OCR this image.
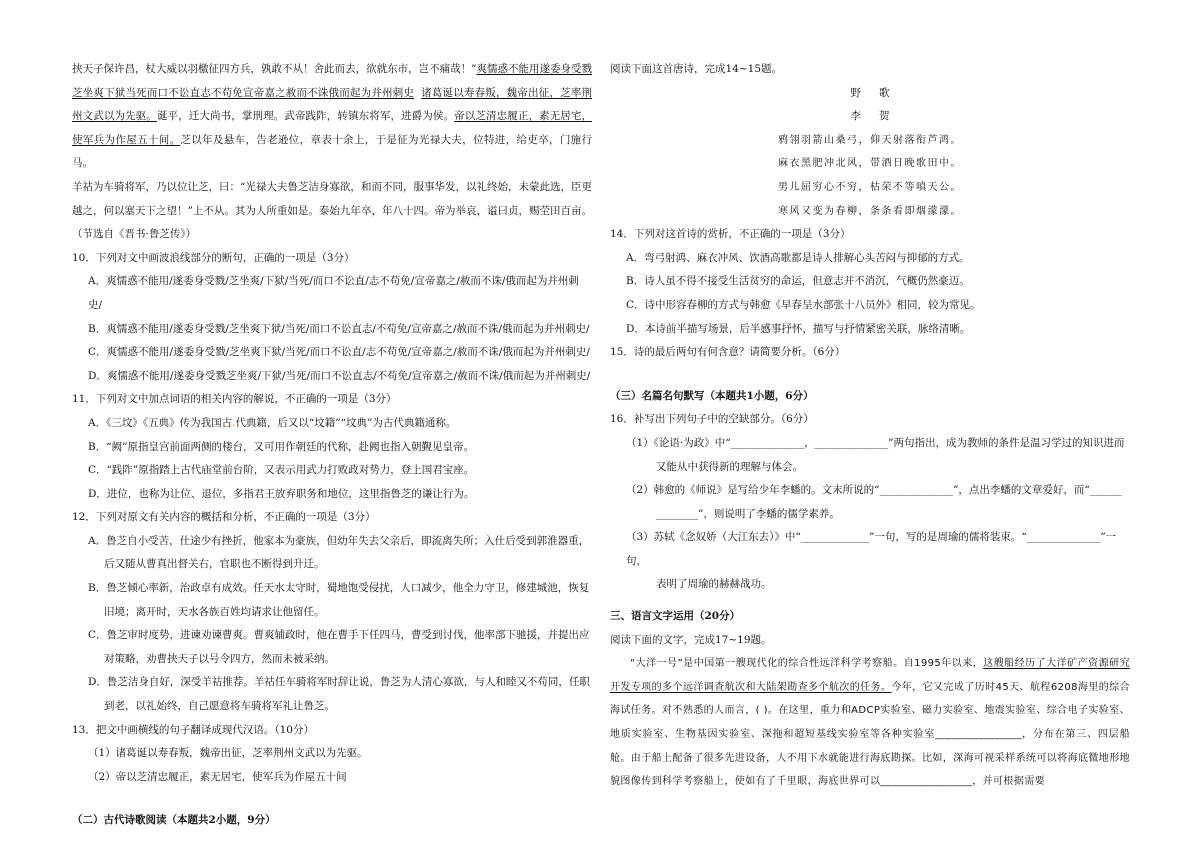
挟天子保许昌，杖大威以羽檄征四方兵，孰敢不从！舍此而去，欲就东市，岂不痛哉！”爽懦惑不能用遂委身受戮芝坐爽下狱当死而口不讼直志不苟免宣帝嘉之赦而不诛俄而起为并州刺史 诸葛诞以寿春叛，魏帝出征，芝率荆州文武以为先驱。诞平，迁大尚书，掌刑理。武帝践阼，转镇东将军，进爵为侯。帝以芝清忠履正，素无居宅，使军兵为作屋五十间。芝以年及悬车，告老逊位，章表十余上，于是征为光禄大夫，位特进，给吏卒，门施行马。

羊祜为车骑将军，乃以位让芝，曰：“光禄大夫鲁芝洁身寡欲，和而不同，服事华发，以礼终始，未蒙此选，臣更越之，何以塞天下之望！”上不从。其为人所重如是。泰始九年卒，年八十四。帝为举哀，谥曰贞，赐茔田百亩。（节选自《晋书·鲁芝传》）

10．下列对文中画波浪线部分的断句，正确的一项是（3分）

A．爽懦惑不能用/遂委身受戮/芝坐爽/下狱/当死/而口不讼直/志不苟免/宣帝嘉之/赦而不诛/俄而起为并州刺史/

B．爽懦惑不能用/遂委身受戮/芝坐爽下狱/当死/而口不讼直志/不苟免/宣帝嘉之/赦而不诛/俄而起为并州刺史/

C．爽懦惑不能用/遂委身受戮/芝坐爽下狱/当死/而口不讼直/志不苟免/宣帝嘉之/赦而不诛/俄而起为并州刺史/

D．爽懦惑不能用/遂委身受戮芝坐爽/下狱/当死/而口不讼直志/不苟免/宣帝嘉之/赦而不诛/俄而起为并州刺史/

11．下列对文中加点词语的相关内容的解说，不正确的一项是（3分）

A．《三坟》《五典》传为我国古.代典籍，后又以“坟籍”“坟典”为古代典籍通称。

B．“阙”原指皇宫前面两侧的楼台，又可用作朝廷的代称，赴阙也指入朝觐见皇帝。

C．“践阼”原指踏上古代庙堂前台阶，又表示用武力打败政对势力，登上国君宝座。

D．进位，也称为让位、退位，多指君王放弃职务和地位，这里指鲁芝的谦让行为。

12．下列对原文有关内容的概括和分析，不正确的一项是（3分）

A．鲁芝自小受苦，仕途少有挫折，他家本为豪族，但幼年失去父亲后，即流离失所；入仕后受到郭淮器重，

后又随从曹真出督关右，官职也不断得到升迁。

B．鲁芝倾心率新，治政卓有成效。任天水太守时，蜀地饱受侵扰，人口减少，他全力守卫，修建城池，恢复

旧境；离开时，天水各族百姓均请求让他留任。

C．鲁芝审时度势，进谏劝谏曹爽。曹爽辅政时，他在曹手下任四马，曹受到讨伐，他率部下驰援，并提出应

对策略，劝曹挟天子以号令四方，然而未被采纳。

D．鲁芝洁身自好，深受羊祜推荐。羊祜任车骑将军时辞让说，鲁芝为人清心寡欲，与人和睦又不苟同，任职

到老，以礼始终，自己愿意将车骑将军礼让鲁芝。

13．把文中画横线的句子翻译成现代汉语。（10分）

（1）诸葛诞以寿春叛，魏帝出征，芝率荆州文武以为先驱。

（2）帝以芝清忠履正，素无居宅，使军兵为作屋五十间

（二）古代诗歌阅读（本题共2小题，9分）

阅读下面这首唐诗，完成14~15题。

野歌

李贺

鸦翎羽箭山桑弓，仰天射落衔芦鸿。

麻衣黑肥冲北风，带酒日晚歌田中。

男儿屈穷心不穷，枯荣不等嗔天公。

寒风又变为春柳，条条看即烟濛濛。

14．下列对这首诗的赏析，不正确的一项是（3分）

A．弯弓射鸿、麻衣冲风、饮酒高歌都是诗人排解心头苦闷与抑郁的方式。

B．诗人虽不得不接受生活贫穷的命运，但意志并不消沉，气概仍然豪迈。

C．诗中形容春柳的方式与韩愈《早春呈水部张十八员外》相同，较为常见。

D．本诗前半描写场景，后半感事抒怀，描写与抒情紧密关联，脉络清晰。

15．诗的最后两句有何含意？请简要分析。（6分）

（三）名篇名句默写（本题共1小题，6分）

16．补写出下列句子中的空缺部分。（6分）

（1）《论语·为政》中“______________，______________”两句指出，成为教师的条件是温习学过的知识进而

又能从中获得新的理解与体会。

（2）韩愈的《师说》是写给少年李蟠的。文末所说的“______________”，点出李蟠的文章爱好，而“______

________”，则说明了李蟠的儒学素养。

（3）苏轼《念奴娇（大江东去）》中“_____________”一句，写的是周瑜的儒将装束。“______________”一句，

表明了周瑜的赫赫战功。

三、语言文字运用（20分）

阅读下面的文字，完成17~19题。

“大洋一号”是中国第一艘现代化的综合性远洋科学考察船。自1995年以来，这艘船经历了大洋矿产资源研究开发专项的多个远洋调查航次和大陆架勘查多个航次的任务。今年，它又完成了历时45天、航程6208海里的综合海试任务。对不熟悉的人而言，( )。在这里，重力和ADCP实验室、磁力实验室、地震实验室、综合电子实验室、地质实验室、生物基因实验室、深拖和超短基线实验室等各种实验室________________，分布在第三、四层船舱。由于船上配备了很多先进设备，人不用下水就能进行海底勘探。比如，深海可视采样系统可以将海底微地形地貌图像传到科学考察船上，使如有了千里眼，海底世界可以_________________，并可根据需要
